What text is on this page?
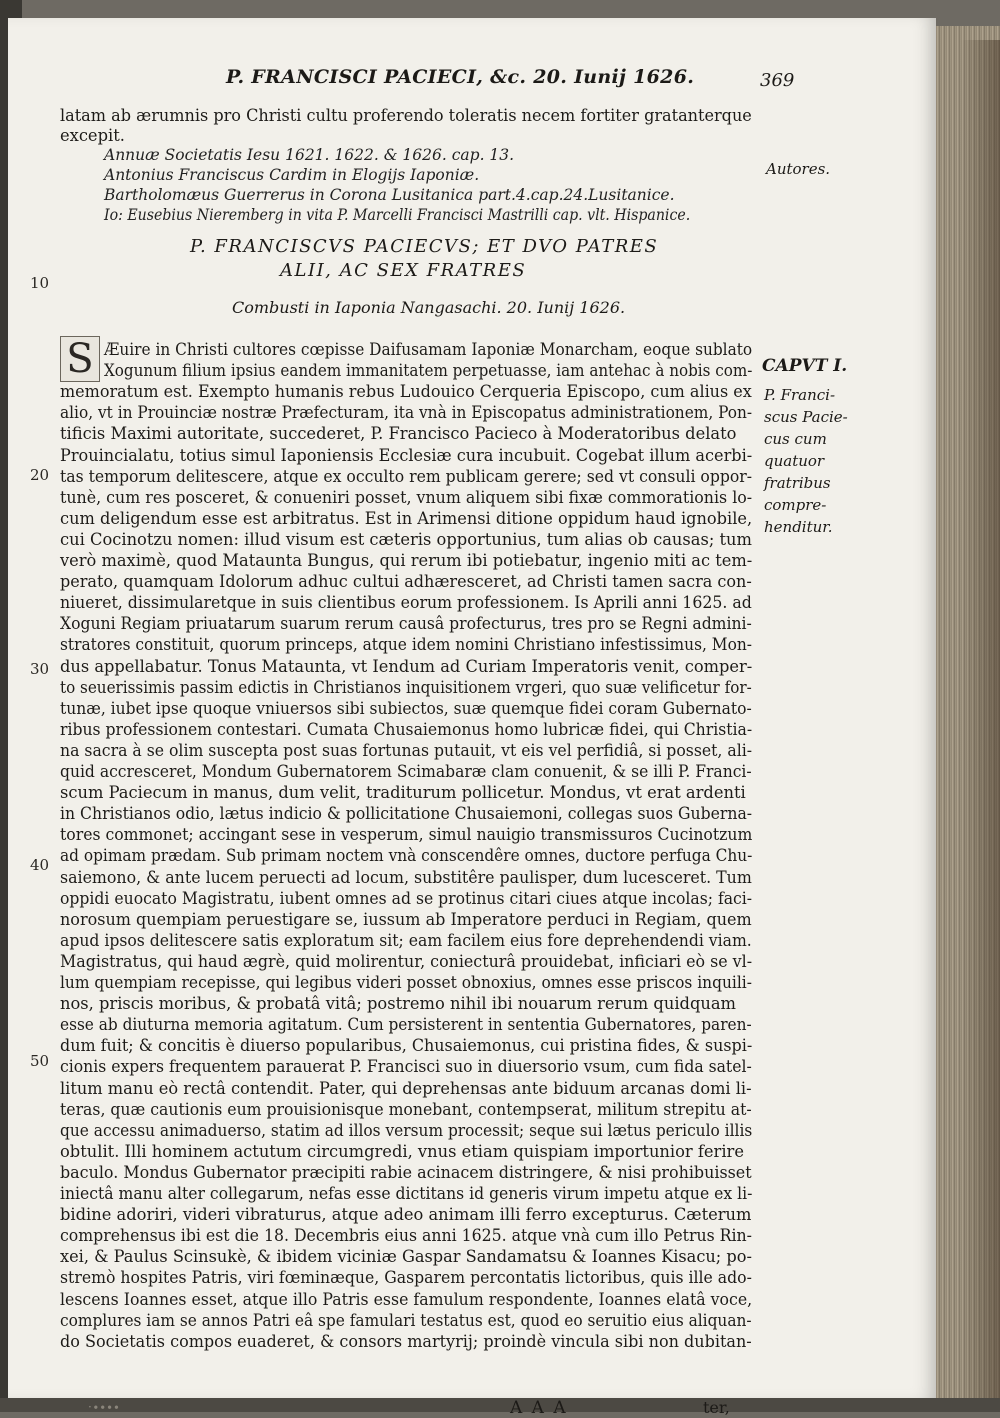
P. FRANCISCI PACIECI, &c. 20. Iunij 1626.	369
latam ab ærumnis pro Christi cultu proferendo toleratis necem fortiter gratanterque
excepit.
Annuæ Societatis Iesu 1621. 1622. & 1626. cap. 13.
Antonius Franciscus Cardim in Elogijs Iaponiæ.
Bartholomæus Guerrerus in Corona Lusitanica part.4.cap.24.Lusitanice.
Io: Eusebius Nieremberg in vita P. Marcelli Francisci Mastrilli cap. vlt. Hispanice.
Autores.
P. FRANCISCVS PACIECVS; ET DVO PATRES
ALII, AC SEX FRATRES
Combusti in Iaponia Nangasachi. 20. Iunij 1626.
S	CAPVT I.
P. Franci-
scus Pacie-
cus cum
quatuor
fratribus
compre-
henditur.
10
20
30
40
50
Æuire in Christi cultores cœpisse Daifusamam Iaponiæ Monarcham, eoque sublato
Xogunum filium ipsius eandem immanitatem perpetuasse, iam antehac à nobis com-
memoratum est. Exempto humanis rebus Ludouico Cerqueria Episcopo, cum alius ex
alio, vt in Prouinciæ nostræ Præfecturam, ita vnà in Episcopatus administrationem, Pon-
tificis Maximi autoritate, succederet, P. Francisco Pacieco à Moderatoribus delato
Prouincialatu, totius simul Iaponiensis Ecclesiæ cura incubuit. Cogebat illum acerbi-
tas temporum delitescere, atque ex occulto rem publicam gerere; sed vt consuli oppor-
tunè, cum res posceret, & conueniri posset, vnum aliquem sibi fixæ commorationis lo-
cum deligendum esse est arbitratus. Est in Arimensi ditione oppidum haud ignobile,
cui Cocinotzu nomen: illud visum est cæteris opportunius, tum alias ob causas; tum
verò maximè, quod Mataunta Bungus, qui rerum ibi potiebatur, ingenio miti ac tem-
perato, quamquam Idolorum adhuc cultui adhæresceret, ad Christi tamen sacra con-
niueret, dissimularetque in suis clientibus eorum professionem. Is Aprili anni 1625. ad
Xoguni Regiam priuatarum suarum rerum causâ profecturus, tres pro se Regni admini-
stratores constituit, quorum princeps, atque idem nomini Christiano infestissimus, Mon-
dus appellabatur. Tonus Mataunta, vt Iendum ad Curiam Imperatoris venit, comper-
to seuerissimis passim edictis in Christianos inquisitionem vrgeri, quo suæ velificetur for-
tunæ, iubet ipse quoque vniuersos sibi subiectos, suæ quemque fidei coram Gubernato-
ribus professionem contestari. Cumata Chusaiemonus homo lubricæ fidei, qui Christia-
na sacra à se olim suscepta post suas fortunas putauit, vt eis vel perfidiâ, si posset, ali-
quid accresceret, Mondum Gubernatorem Scimabaræ clam conuenit, & se illi P. Franci-
scum Paciecum in manus, dum velit, traditurum pollicetur. Mondus, vt erat ardenti
in Christianos odio, lætus indicio & pollicitatione Chusaiemoni, collegas suos Guberna-
tores commonet; accingant sese in vesperum, simul nauigio transmissuros Cucinotzum
ad opimam prædam. Sub primam noctem vnà conscendêre omnes, ductore perfuga Chu-
saiemono, & ante lucem peruecti ad locum, substitêre paulisper, dum lucesceret. Tum
oppidi euocato Magistratu, iubent omnes ad se protinus citari ciues atque incolas; faci-
norosum quempiam peruestigare se, iussum ab Imperatore perduci in Regiam, quem
apud ipsos delitescere satis exploratum sit; eam facilem eius fore deprehendendi viam.
Magistratus, qui haud ægrè, quid molirentur, coniecturâ prouidebat, inficiari eò se vl-
lum quempiam recepisse, qui legibus videri posset obnoxius, omnes esse priscos inquili-
nos, priscis moribus, & probatâ vitâ; postremo nihil ibi nouarum rerum quidquam
esse ab diuturna memoria agitatum. Cum persisterent in sententia Gubernatores, paren-
dum fuit; & concitis è diuerso popularibus, Chusaiemonus, cui pristina fides, & suspi-
cionis expers frequentem parauerat P. Francisci suo in diuersorio vsum, cum fida satel-
litum manu eò rectâ contendit. Pater, qui deprehensas ante biduum arcanas domi li-
teras, quæ cautionis eum prouisionisque monebant, contempserat, militum strepitu at-
que accessu animaduerso, statim ad illos versum processit; seque sui lætus periculo illis
obtulit. Illi hominem actutum circumgredi, vnus etiam quispiam importunior ferire
baculo. Mondus Gubernator præcipiti rabie acinacem distringere, & nisi prohibuisset
iniectâ manu alter collegarum, nefas esse dictitans id generis virum impetu atque ex li-
bidine adoriri, videri vibraturus, atque adeo animam illi ferro excepturus. Cæterum
comprehensus ibi est die 18. Decembris eius anni 1625. atque vnà cum illo Petrus Rin-
xei, & Paulus Scinsukè, & ibidem viciniæ Gaspar Sandamatsu & Ioannes Kisacu; po-
stremò hospites Patris, viri fœminæque, Gasparem percontatis lictoribus, quis ille ado-
lescens Ioannes esset, atque illo Patris esse famulum respondente, Ioannes elatâ voce,
complures iam se annos Patri eâ spe famulari testatus est, quod eo seruitio eius aliquan-
do Societatis compos euaderet, & consors martyrij; proindè vincula sibi non dubitan-
·∙∙∙∙	A A A	ter,
